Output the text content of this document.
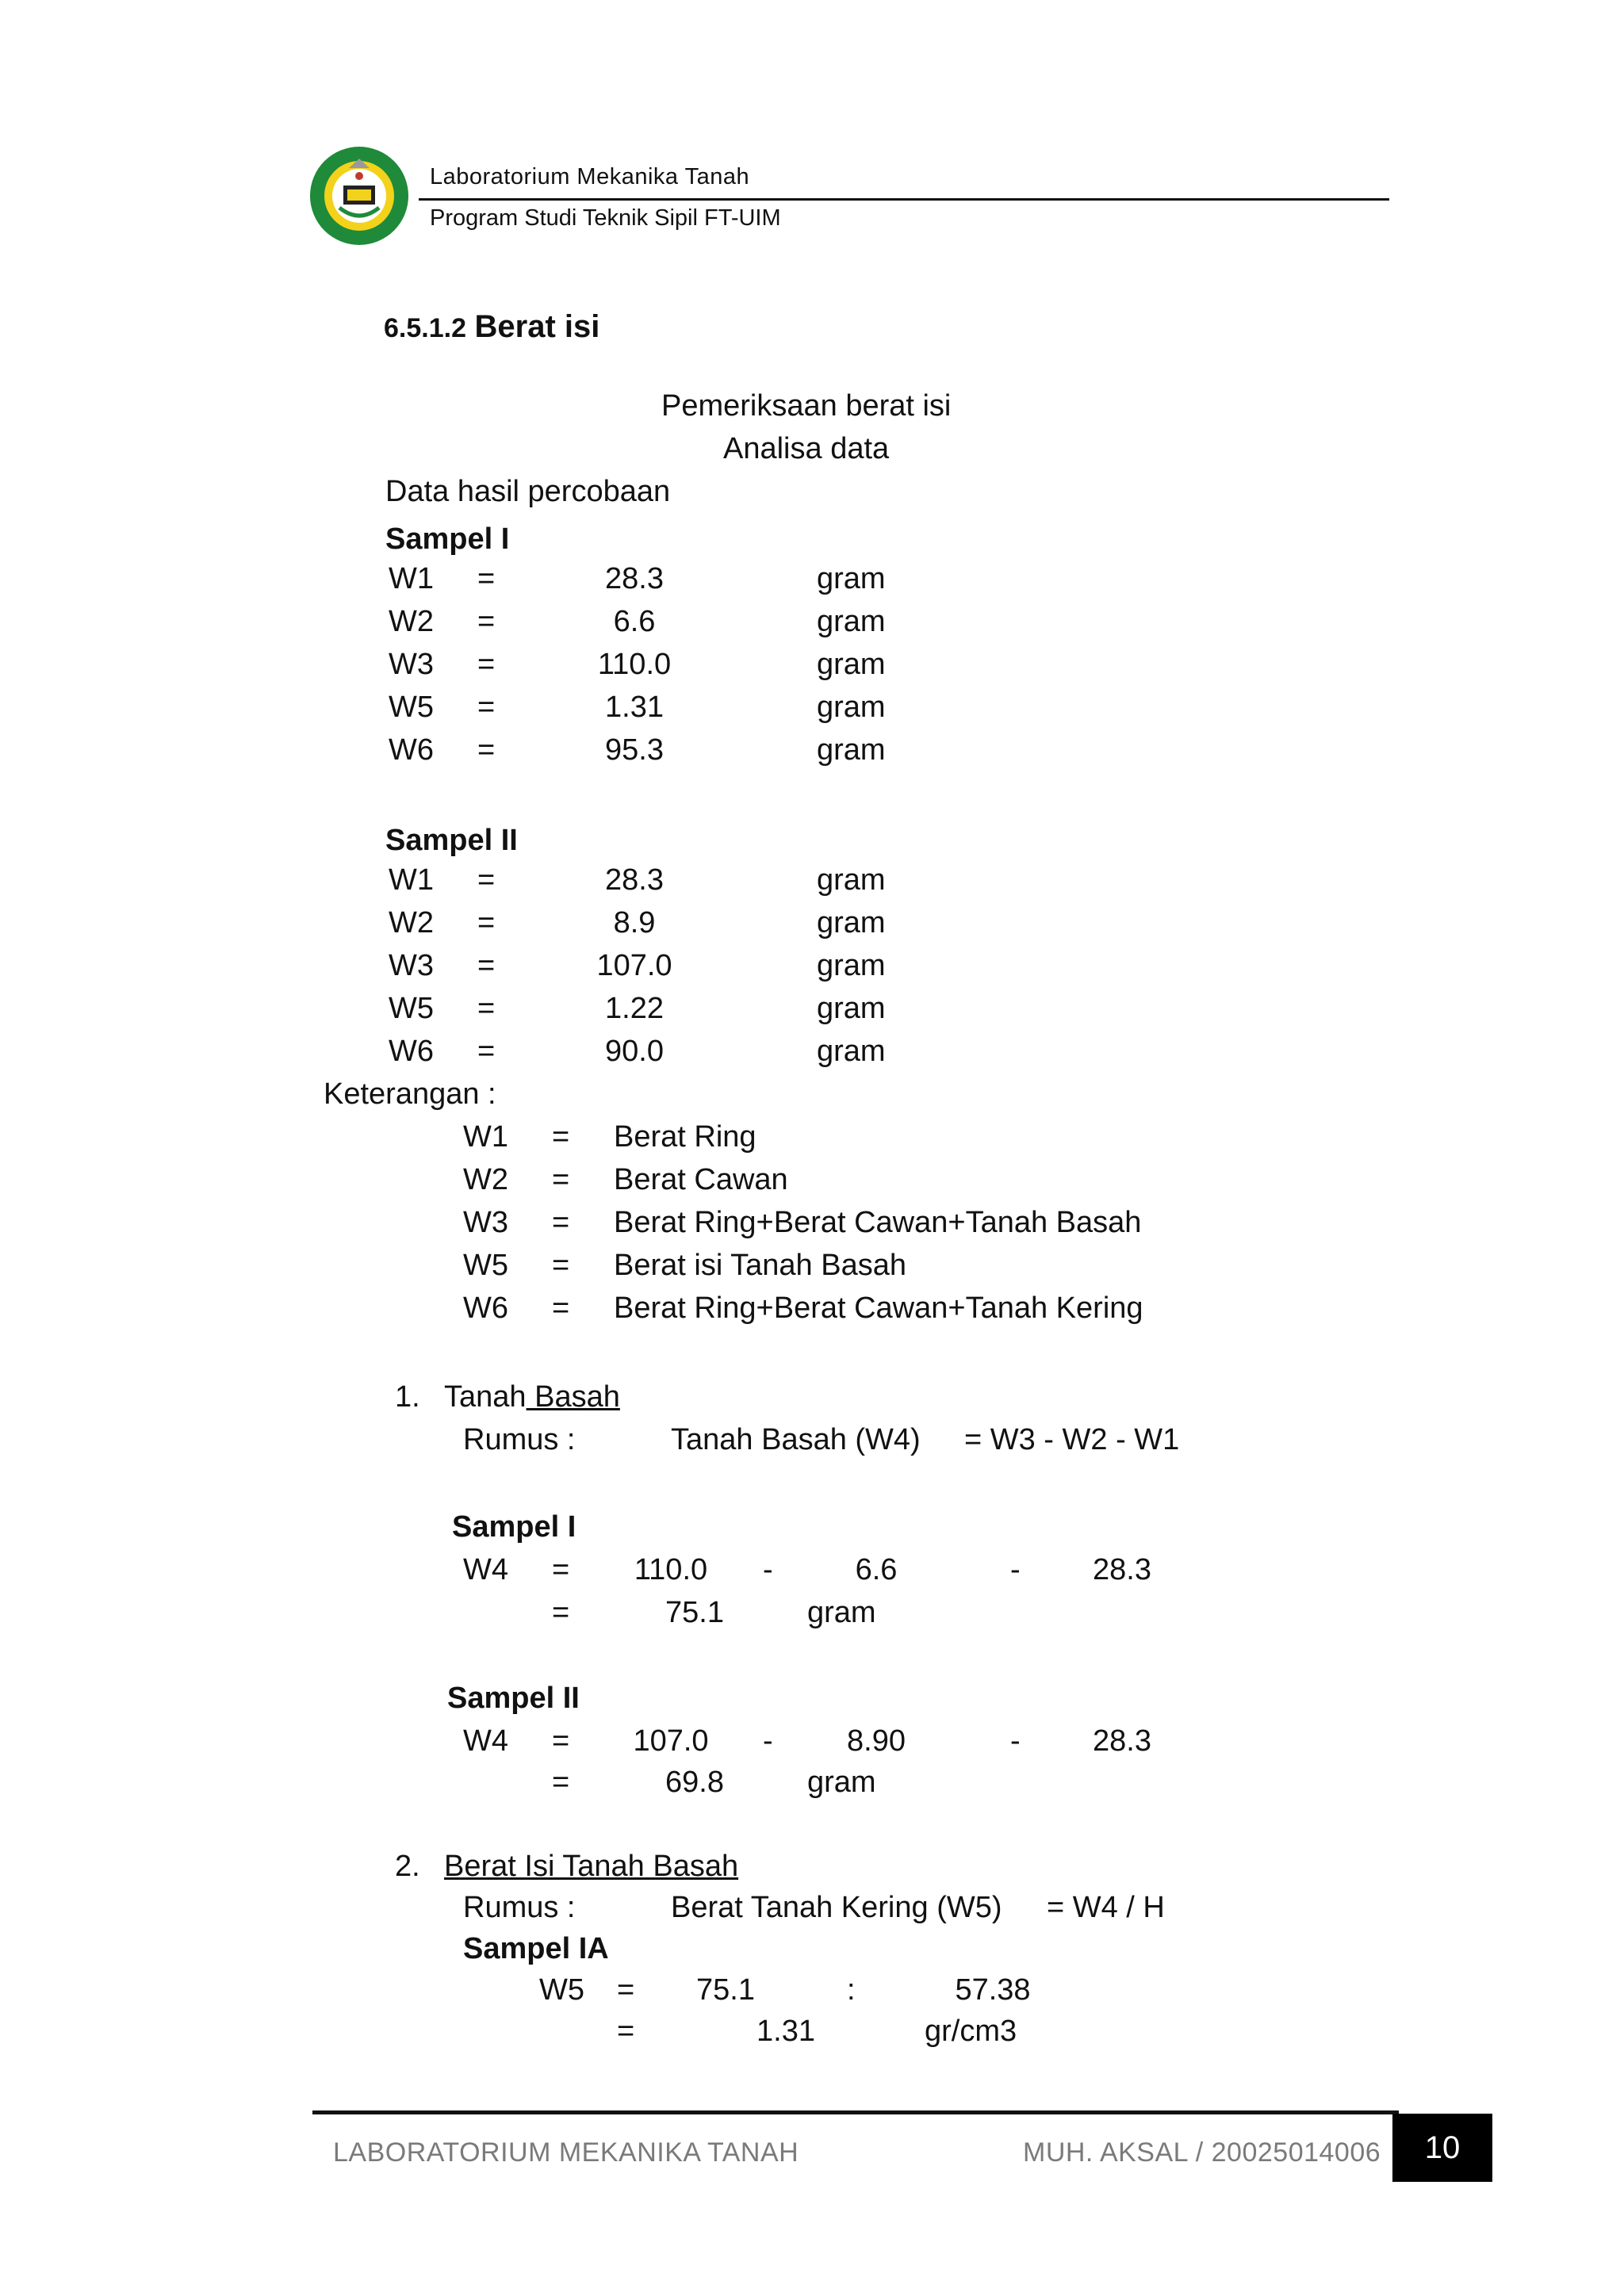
Laboratorium Mekanika Tanah
Program Studi Teknik Sipil FT-UIM
6.5.1.2 Berat isi
Pemeriksaan berat isi
Analisa data
Data hasil percobaan
Sampel I
W1 =	28.3	gram
W2 =	6.6	gram
W3 =	110.0	gram
W5 =	1.31	gram
W6 =	95.3	gram
Sampel II
W1 =	28.3	gram
W2 =	8.9	gram
W3 =	107.0	gram
W5 =	1.22	gram
W6 =	90.0	gram
Keterangan :
W1 = Berat Ring
W2 = Berat Cawan
W3 = Berat Ring+Berat Cawan+Tanah Basah
W5 = Berat isi Tanah Basah
W6 = Berat Ring+Berat Cawan+Tanah Kering
1. Tanah Basah
Rumus :	Tanah Basah (W4) = W3 - W2 - W1
Sampel I
W4 =	110.0	-	6.6	-	28.3
=	75.1	gram
Sampel II
W4 =	107.0	-	8.90	-	28.3
=	69.8	gram
2. Berat Isi Tanah Basah
Rumus :	Berat Tanah Kering (W5) = W4 / H
Sampel IA
W5 =	75.1	:	57.38
=	1.31	gr/cm3
LABORATORIUM MEKANIKA TANAH	MUH. AKSAL / 20025014006	10
